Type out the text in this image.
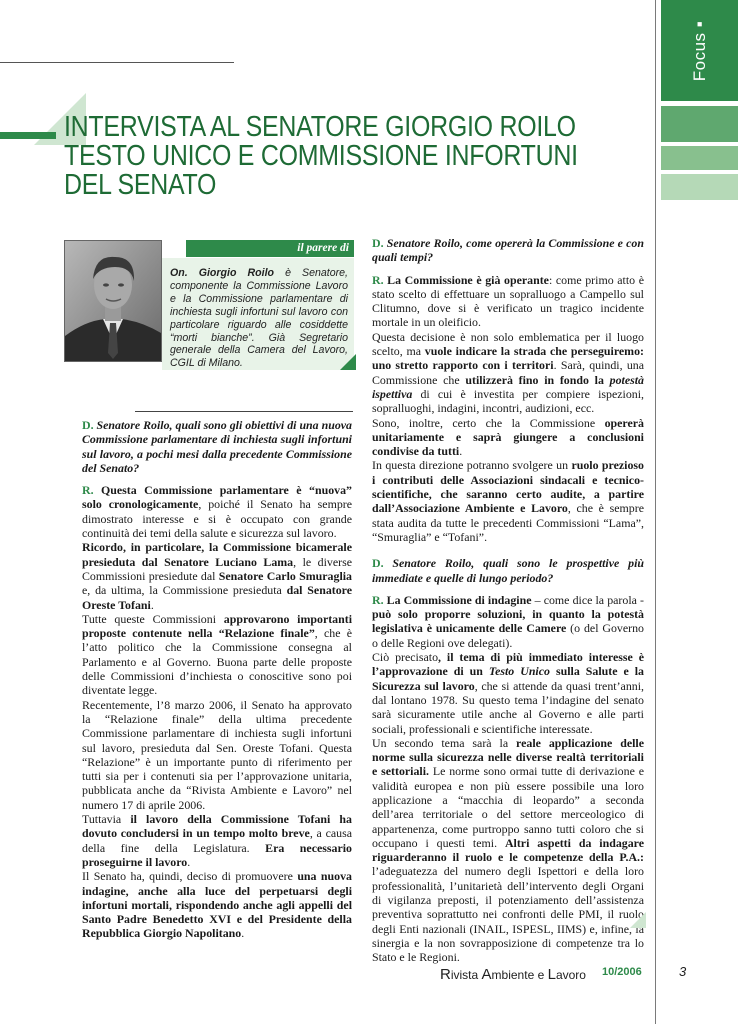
Focus ▪
INTERVISTA AL SENATORE GIORGIO ROILO
TESTO UNICO E COMMISSIONE INFORTUNI
DEL SENATO
il parere di
On. Giorgio Roilo è Senatore, componente la Commissione Lavoro e la Commissione parlamentare di inchiesta sugli infortuni sul lavoro con particolare riguardo alle cosiddette “morti bianche”. Già Segretario generale della Camera del Lavoro, CGIL di Milano.

D. Senatore Roilo, quali sono gli obiettivi di una nuova Commissione parlamentare di inchiesta sugli infortuni sul lavoro, a pochi mesi dalla precedente Commissione del Senato?

R. Questa Commissione parlamentare è “nuova” solo cronologicamente, poiché il Senato ha sempre dimostrato interesse e si è occupato con grande continuità dei temi della salute e sicurezza sul lavoro.

Ricordo, in particolare, la Commissione bicamerale presieduta dal Senatore Luciano Lama, le diverse Commissioni presiedute dal Senatore Carlo Smuraglia e, da ultima, la Commissione presieduta dal Senatore Oreste Tofani.

Tutte queste Commissioni approvarono importanti proposte contenute nella “Relazione finale”, che è l’atto politico che la Commissione consegna al Parlamento e al Governo. Buona parte delle proposte delle Commissioni d’inchiesta o conoscitive sono poi diventate legge.

Recentemente, l’8 marzo 2006, il Senato ha approvato la “Relazione finale” della ultima precedente Commissione parlamentare di inchiesta sugli infortuni sul lavoro, presieduta dal Sen. Oreste Tofani. Questa “Relazione” è un importante punto di riferimento per tutti sia per i contenuti sia per l’approvazione unitaria, pubblicata anche da “Rivista Ambiente e Lavoro” nel numero 17 di aprile 2006.

Tuttavia il lavoro della Commissione Tofani ha dovuto concludersi in un tempo molto breve, a causa della fine della Legislatura. Era necessario proseguirne il lavoro.

Il Senato ha, quindi, deciso di promuovere una nuova indagine, anche alla luce del perpetuarsi degli infortuni mortali, rispondendo anche agli appelli del Santo Padre Benedetto XVI e del Presidente della Repubblica Giorgio Napolitano.

D. Senatore Roilo, come opererà la Commissione e con quali tempi?

R. La Commissione è già operante: come primo atto è stato scelto di effettuare un sopralluogo a Campello sul Clitumno, dove si è verificato un tragico incidente mortale in un oleificio.

Questa decisione è non solo emblematica per il luogo scelto, ma vuole indicare la strada che perseguiremo: uno stretto rapporto con i territori. Sarà, quindi, una Commissione che utilizzerà fino in fondo la potestà ispettiva di cui è investita per compiere ispezioni, sopralluoghi, indagini, incontri, audizioni, ecc.

Sono, inoltre, certo che la Commissione opererà unitariamente e saprà giungere a conclusioni condivise da tutti.

In questa direzione potranno svolgere un ruolo prezioso i contributi delle Associazioni sindacali e tecnico-scientifiche, che saranno certo audite, a partire dall’Associazione Ambiente e Lavoro, che è sempre stata audita da tutte le precedenti Commissioni “Lama”, “Smuraglia” e “Tofani”.

D. Senatore Roilo, quali sono le prospettive più immediate e quelle di lungo periodo?

R. La Commissione di indagine – come dice la parola - può solo proporre soluzioni, in quanto la potestà legislativa è unicamente delle Camere (o del Governo o delle Regioni ove delegati).

Ciò precisato, il tema di più immediato interesse è l’approvazione di un Testo Unico sulla Salute e la Sicurezza sul lavoro, che si attende da quasi trent’anni, dal lontano 1978. Su questo tema l’indagine del senato sarà sicuramente utile anche al Governo e alle parti sociali, professionali e scientifiche interessate.

Un secondo tema sarà la reale applicazione delle norme sulla sicurezza nelle diverse realtà territoriali e settoriali. Le norme sono ormai tutte di derivazione e validità europea e non più essere possibile una loro applicazione a “macchia di leopardo” a seconda dell’area territoriale o del settore merceologico di appartenenza, come purtroppo sanno tutti coloro che si occupano i questi temi. Altri aspetti da indagare riguarderanno il ruolo e le competenze della P.A.: l’adeguatezza del numero degli Ispettori e della loro professionalità, l’unitarietà dell’intervento degli Organi di vigilanza preposti, il potenziamento dell’assistenza preventiva soprattutto nei confronti delle PMI, il ruolo degli Enti nazionali (INAIL, ISPESL, IIMS) e, infine, la sinergia e la non sovrapposizione di competenze tra lo Stato e le Regioni.

Rivista Ambiente e Lavoro 10/2006	3
